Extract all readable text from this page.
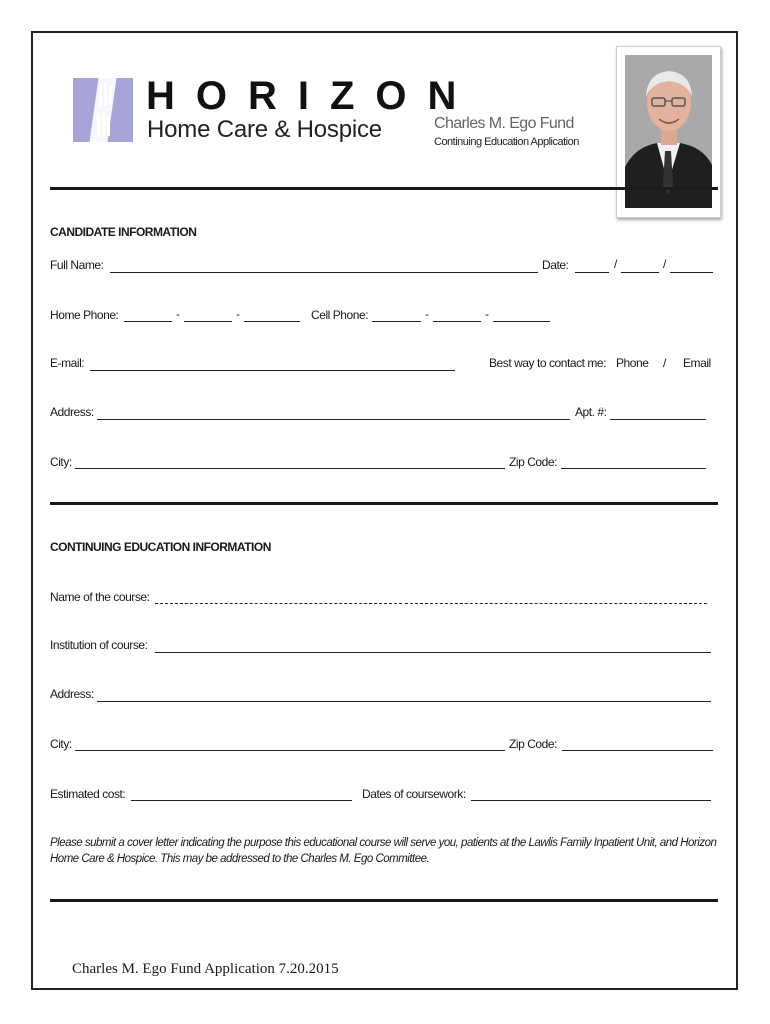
HORIZON
Home Care & Hospice	Charles M. Ego Fund
Continuing Education Application
CANDIDATE INFORMATION
Full Name:	Date:	/	/
Home Phone:	-	-	Cell Phone:	-	-
E-mail:	Best way to contact me: Phone / Email
Address:	Apt. #:
City:	Zip Code:
CONTINUING EDUCATION INFORMATION
Name of the course:
Institution of course:
Address:
City:	Zip Code:
Estimated cost:	Dates of coursework:
Please submit a cover letter indicating the purpose this educational course will serve you, patients at the Lawlis Family Inpatient Unit, and Horizon Home Care & Hospice. This may be addressed to the Charles M. Ego Committee.
Charles M. Ego Fund Application 7.20.2015
